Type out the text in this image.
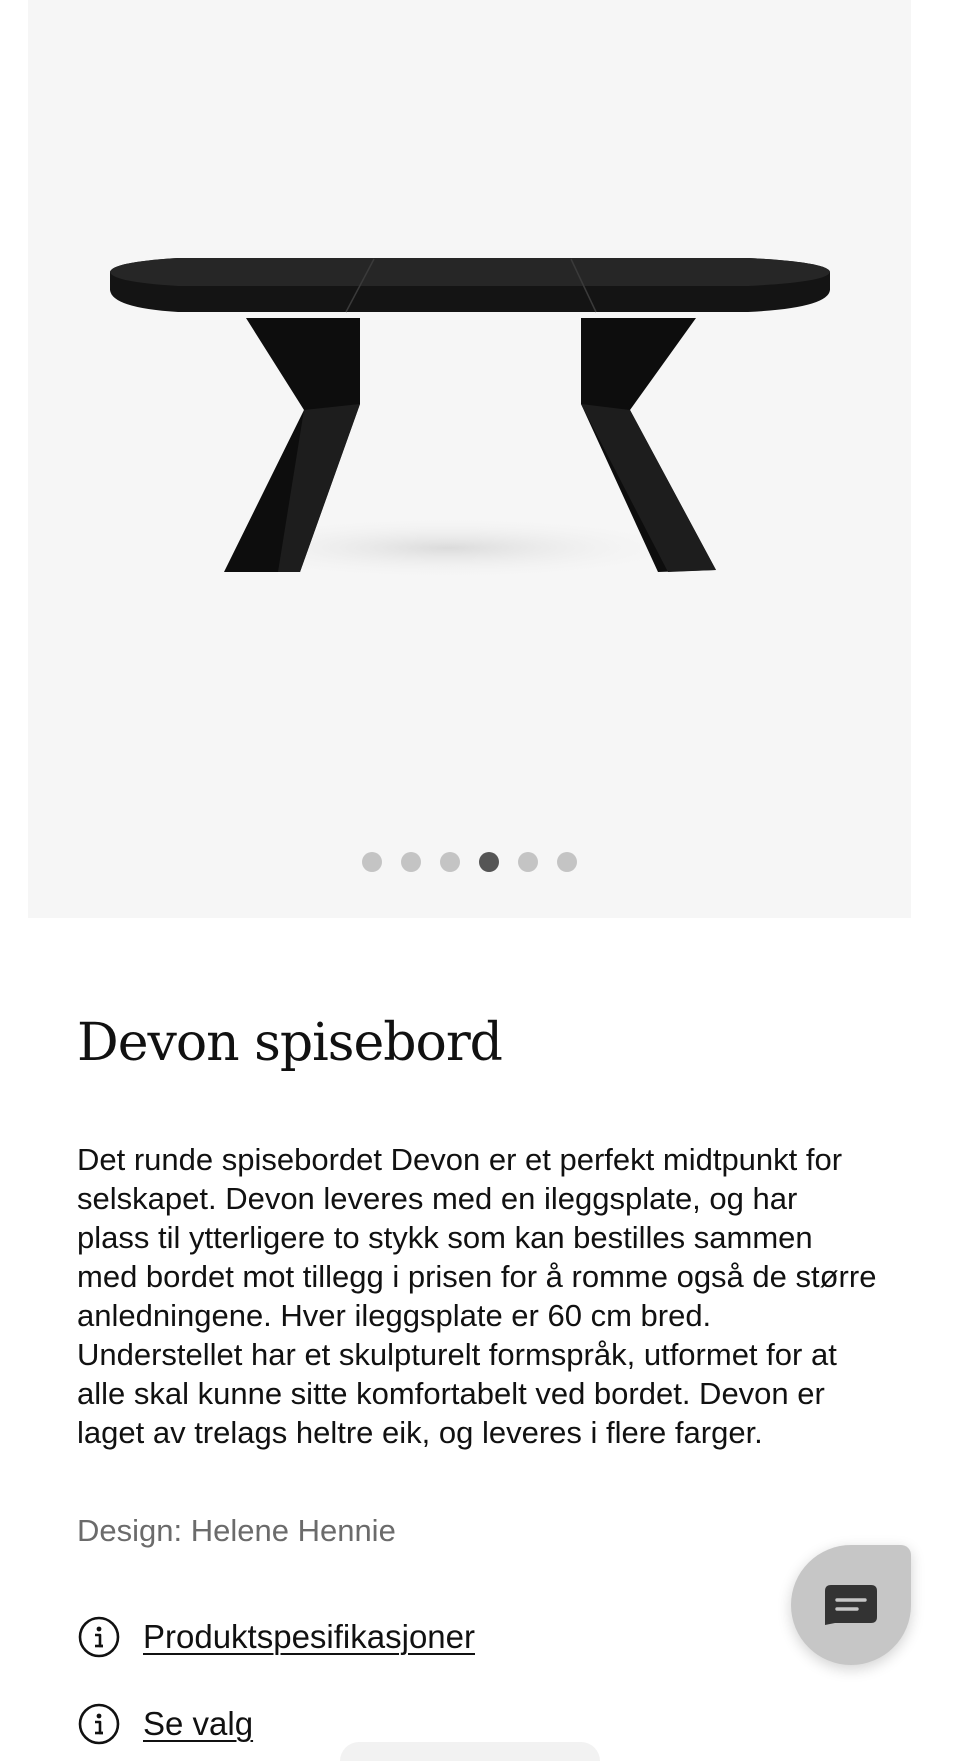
Devon spisebord

Det runde spisebordet Devon er et perfekt midtpunkt for selskapet. Devon leveres med en ileggsplate, og har plass til ytterligere to stykk som kan bestilles sammen med bordet mot tillegg i prisen for å romme også de større anledningene. Hver ileggsplate er 60 cm bred. Understellet har et skulpturelt formspråk, utformet for at alle skal kunne sitte komfortabelt ved bordet. Devon er laget av trelags heltre eik, og leveres i flere farger.

Design: Helene Hennie

Produktspesifikasjoner
Se valg
